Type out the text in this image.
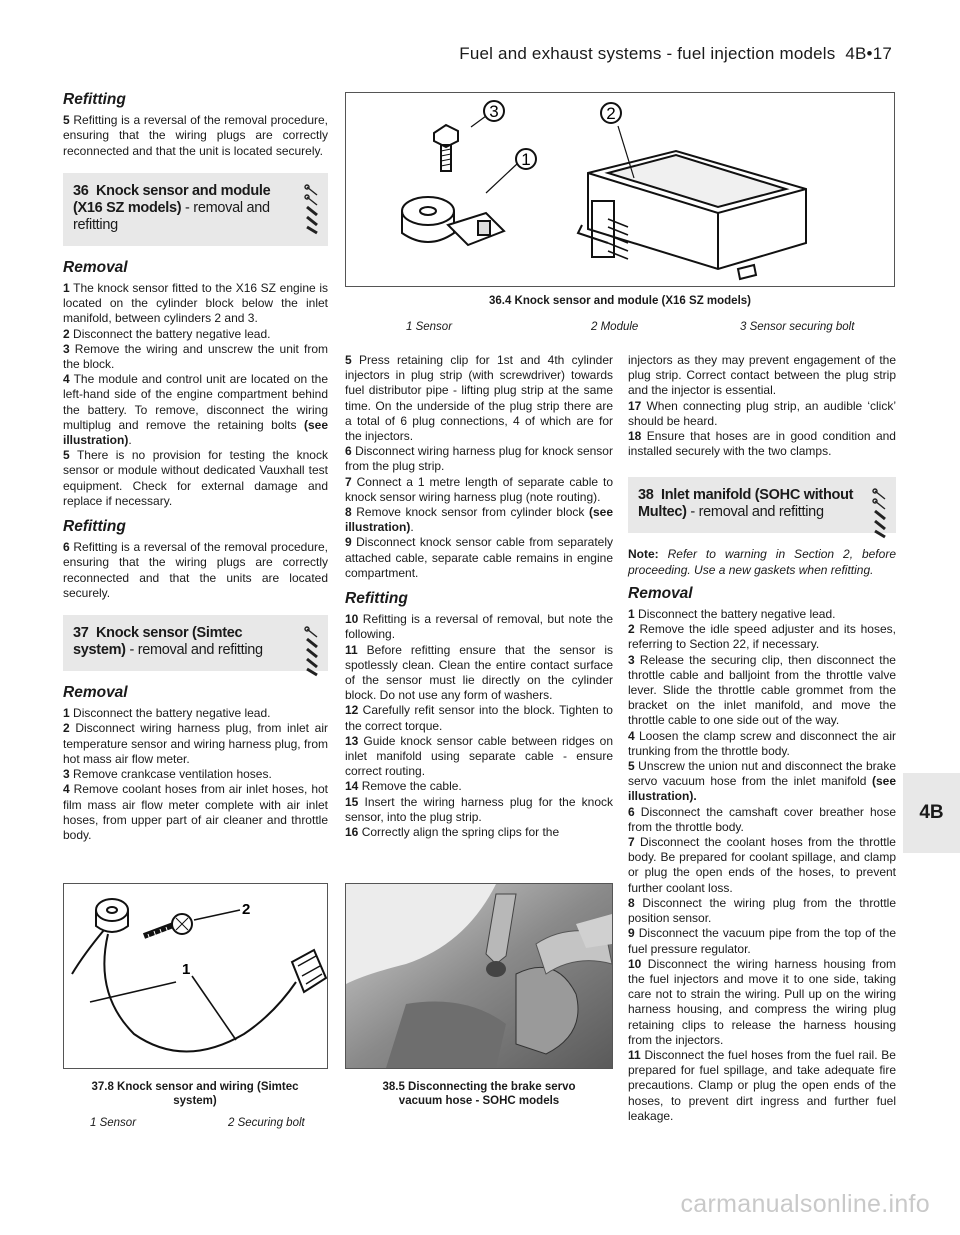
Fuel and exhaust systems - fuel injection models 4B•17
Refitting

5 Refitting is a reversal of the removal procedure, ensuring that the wiring plugs are correctly reconnected and that the unit is located securely.

36 Knock sensor and module (X16 SZ models) - removal and refitting
Removal

1 The knock sensor fitted to the X16 SZ engine is located on the cylinder block below the inlet manifold, between cylinders 2 and 3.

2 Disconnect the battery negative lead.

3 Remove the wiring and unscrew the unit from the block.

4 The module and control unit are located on the left-hand side of the engine compartment behind the battery. To remove, disconnect the wiring multiplug and remove the retaining bolts (see illustration).

5 There is no provision for testing the knock sensor or module without dedicated Vauxhall test equipment. Check for external damage and replace if necessary.

Refitting

6 Refitting is a reversal of the removal procedure, ensuring that the wiring plugs are correctly reconnected and that the units are located securely.

37 Knock sensor (Simtec system) - removal and refitting
Removal

1 Disconnect the battery negative lead.

2 Disconnect wiring harness plug, from inlet air temperature sensor and wiring harness plug, from hot mass air flow meter.

3 Remove crankcase ventilation hoses.

4 Remove coolant hoses from air inlet hoses, hot film mass air flow meter complete with air inlet hoses, from upper part of air cleaner and throttle body.

3
1
2
36.4 Knock sensor and module (X16 SZ models)
1 Sensor	2 Module	3 Sensor securing bolt

5 Press retaining clip for 1st and 4th cylinder injectors in plug strip (with screwdriver) towards fuel distributor pipe - lifting plug strip at the same time. On the underside of the plug strip there are a total of 6 plug connections, 4 of which are for the injectors.

6 Disconnect wiring harness plug for knock sensor from the plug strip.

7 Connect a 1 metre length of separate cable to knock sensor wiring harness plug (note routing).

8 Remove knock sensor from cylinder block (see illustration).

9 Disconnect knock sensor cable from separately attached cable, separate cable remains in engine compartment.

Refitting

10 Refitting is a reversal of removal, but note the following.

11 Before refitting ensure that the sensor is spotlessly clean. Clean the entire contact surface of the sensor must lie directly on the cylinder block. Do not use any form of washers.

12 Carefully refit sensor into the block. Tighten to the correct torque.

13 Guide knock sensor cable between ridges on inlet manifold using separate cable - ensure correct routing.

14 Remove the cable.

15 Insert the wiring harness plug for the knock sensor, into the plug strip.

16 Correctly align the spring clips for the

injectors as they may prevent engagement of the plug strip. Correct contact between the plug strip and the injector is essential.

17 When connecting plug strip, an audible ‘click’ should be heard.

18 Ensure that hoses are in good condition and installed securely with the two clamps.

38 Inlet manifold (SOHC without Multec) - removal and refitting

Note: Refer to warning in Section 2, before proceeding. Use a new gaskets when refitting.

Removal

1 Disconnect the battery negative lead.

2 Remove the idle speed adjuster and its hoses, referring to Section 22, if necessary.

3 Release the securing clip, then disconnect the throttle cable and balljoint from the throttle valve lever. Slide the throttle cable grommet from the bracket on the inlet manifold, and move the throttle cable to one side out of the way.

4 Loosen the clamp screw and disconnect the air trunking from the throttle body.

5 Unscrew the union nut and disconnect the brake servo vacuum hose from the inlet manifold (see illustration).

6 Disconnect the camshaft cover breather hose from the throttle body.

7 Disconnect the coolant hoses from the throttle body. Be prepared for coolant spillage, and clamp or plug the open ends of the hoses, to prevent further coolant loss.

8 Disconnect the wiring plug from the throttle position sensor.

9 Disconnect the vacuum pipe from the top of the fuel pressure regulator.

10 Disconnect the wiring harness housing from the fuel injectors and move it to one side, taking care not to strain the wiring. Pull up on the wiring harness housing, and compress the wiring plug retaining clips to release the harness housing from the injectors.

11 Disconnect the fuel hoses from the fuel rail. Be prepared for fuel spillage, and take adequate fire precautions. Clamp or plug the open ends of the hoses, to prevent dirt ingress and further fuel leakage.

2
1
37.8 Knock sensor and wiring (Simtec system)
1 Sensor	2 Securing bolt
38.5 Disconnecting the brake servo vacuum hose - SOHC models
4B
carmanualsonline.info
